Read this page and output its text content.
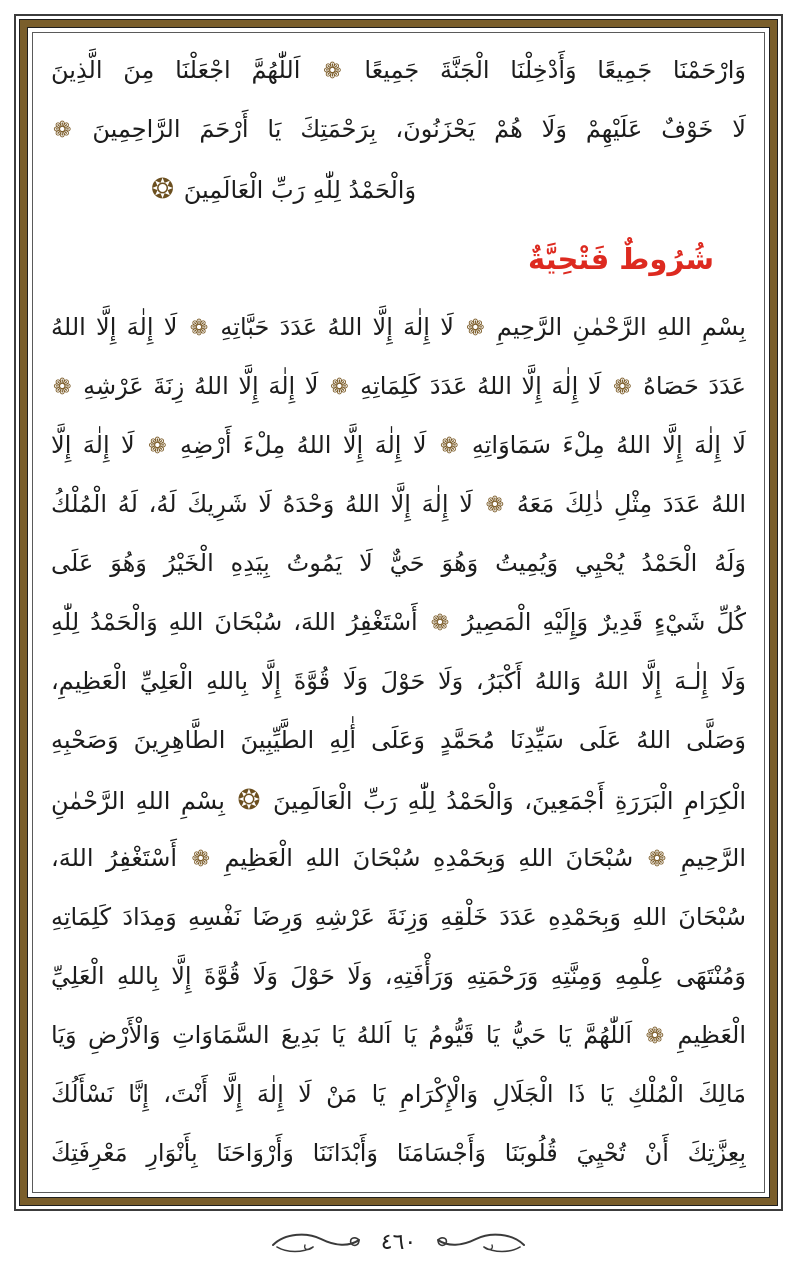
وَارْحَمْنَا جَمِيعًا وَأَدْخِلْنَا الْجَنَّةَ جَمِيعًا ❁ اَللّٰهُمَّ اجْعَلْنَا مِنَ الَّذِينَ
لَا خَوْفٌ عَلَيْهِمْ وَلَا هُمْ يَحْزَنُونَ، بِرَحْمَتِكَ يَا أَرْحَمَ الرَّاحِمِينَ ❁
وَالْحَمْدُ لِلّٰهِ رَبِّ الْعَالَمِينَ ❂
شُرُوطٌ فَتْحِيَّةٌ
بِسْمِ اللهِ الرَّحْمٰنِ الرَّحِيمِ ❁ لَا إِلٰهَ إِلَّا اللهُ عَدَدَ حَبَّاتِهِ ❁ لَا إِلٰهَ إِلَّا اللهُ
عَدَدَ حَصَاهُ ❁ لَا إِلٰهَ إِلَّا اللهُ عَدَدَ كَلِمَاتِهِ ❁ لَا إِلٰهَ إِلَّا اللهُ زِنَةَ عَرْشِهِ ❁
لَا إِلٰهَ إِلَّا اللهُ مِلْءَ سَمَاوَاتِهِ ❁ لَا إِلٰهَ إِلَّا اللهُ مِلْءَ أَرْضِهِ ❁ لَا إِلٰهَ إِلَّا
اللهُ عَدَدَ مِثْلِ ذٰلِكَ مَعَهُ ❁ لَا إِلٰهَ إِلَّا اللهُ وَحْدَهُ لَا شَرِيكَ لَهُ، لَهُ الْمُلْكُ
وَلَهُ الْحَمْدُ يُحْيِي وَيُمِيتُ وَهُوَ حَيٌّ لَا يَمُوتُ بِيَدِهِ الْخَيْرُ وَهُوَ عَلَى
كُلِّ شَيْءٍ قَدِيرٌ وَإِلَيْهِ الْمَصِيرُ ❁ أَسْتَغْفِرُ اللهَ، سُبْحَانَ اللهِ وَالْحَمْدُ لِلّٰهِ
وَلَا إِلٰـهَ إِلَّا اللهُ وَاللهُ أَكْبَرُ، وَلَا حَوْلَ وَلَا قُوَّةَ إِلَّا بِاللهِ الْعَلِيِّ الْعَظِيمِ،
وَصَلَّى اللهُ عَلَى سَيِّدِنَا مُحَمَّدٍ وَعَلَى أٰلِهِ الطَّيِّبِينَ الطَّاهِرِينَ وَصَحْبِهِ
الْكِرَامِ الْبَرَرَةِ أَجْمَعِينَ، وَالْحَمْدُ لِلّٰهِ رَبِّ الْعَالَمِينَ ❂ بِسْمِ اللهِ الرَّحْمٰنِ
الرَّحِيمِ ❁ سُبْحَانَ اللهِ وَبِحَمْدِهِ سُبْحَانَ اللهِ الْعَظِيمِ ❁ أَسْتَغْفِرُ اللهَ،
سُبْحَانَ اللهِ وَبِحَمْدِهِ عَدَدَ خَلْقِهِ وَزِنَةَ عَرْشِهِ وَرِضَا نَفْسِهِ وَمِدَادَ كَلِمَاتِهِ
وَمُنْتَهَى عِلْمِهِ وَمِنَّتِهِ وَرَحْمَتِهِ وَرَأْفَتِهِ، وَلَا حَوْلَ وَلَا قُوَّةَ إِلَّا بِاللهِ الْعَلِيِّ
الْعَظِيمِ ❁ اَللّٰهُمَّ يَا حَيُّ يَا قَيُّومُ يَا اَللهُ يَا بَدِيعَ السَّمَاوَاتِ وَالْأَرْضِ وَيَا
مَالِكَ الْمُلْكِ يَا ذَا الْجَلَالِ وَالْإِكْرَامِ يَا مَنْ لَا إِلٰهَ إِلَّا أَنْتَ، إِنَّا نَسْأَلُكَ
بِعِزَّتِكَ أَنْ تُحْيِيَ قُلُوبَنَا وَأَجْسَامَنَا وَأَبْدَانَنَا وَأَرْوَاحَنَا بِأَنْوَارِ مَعْرِفَتِكَ
٤٦٠
